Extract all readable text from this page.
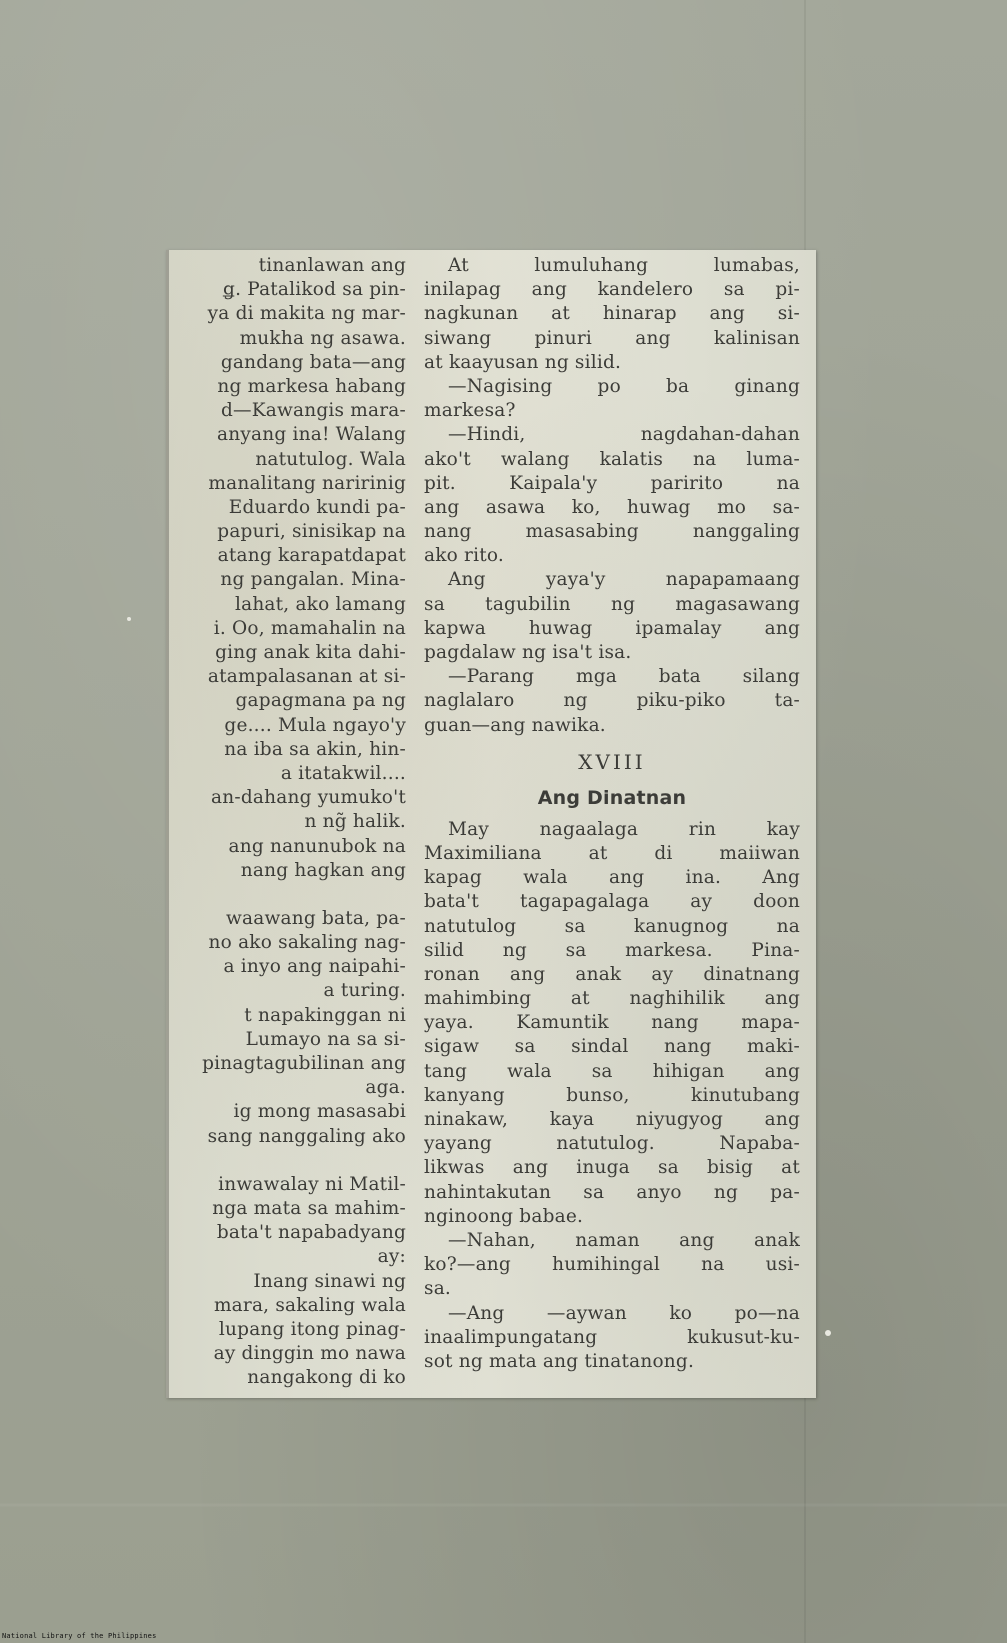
tinanlawan ang
ǥ. Patalikod sa pin-
ya di makita ng mar-
mukha ng asawa.
gandang bata—ang
ng markesa habang
d—Kawangis mara-
anyang ina! Walang
natutulog. Wala
manalitang naririnig
Eduardo kundi pa-
papuri, sinisikap na
atang karapatdapat
ng pangalan. Mina-
lahat, ako lamang
i. Oo, mamahalin na
ging anak kita dahi-
atampalasanan at si-
gapagmana pa ng
ge.... Mula ngayo'y
na iba sa akin, hin-
a itatakwil....
an-dahang yumuko't
n ng̃ halik.
ang nanunubok na
nang hagkan ang
waawang bata, pa-
no ako sakaling nag-
a inyo ang naipahi-
a turing.
t napakinggan ni
Lumayo na sa si-
pinagtagubilinan ang
aga.
ig mong masasabi
sang nanggaling ako
inwawalay ni Matil-
nga mata sa mahim-
bata't napabadyang
ay:
Inang sinawi ng
mara, sakaling wala
lupang itong pinag-
ay dinggin mo nawa
nangakong di ko
At lumuluhang lumabas,
inilapag ang kandelero sa pi-
nagkunan at hinarap ang si-
siwang pinuri ang kalinisan
at kaayusan ng silid.
—Nagising po ba ginang
markesa?
—Hindi, nagdahan-dahan
ako't walang kalatis na luma-
pit. Kaipala'y paririto na
ang asawa ko, huwag mo sa-
nang masasabing nanggaling
ako rito.
Ang yaya'y napapamaang
sa tagubilin ng magasawang
kapwa huwag ipamalay ang
pagdalaw ng isa't isa.
—Parang mga bata silang
naglalaro ng piku-piko ta-
guan—ang nawika.
XVIII
Ang Dinatnan
May nagaalaga rin kay
Maximiliana at di maiiwan
kapag wala ang ina. Ang
bata't tagapagalaga ay doon
natutulog sa kanugnog na
silid ng sa markesa. Pina-
ronan ang anak ay dinatnang
mahimbing at naghihilik ang
yaya. Kamuntik nang mapa-
sigaw sa sindal nang maki-
tang wala sa hihigan ang
kanyang bunso, kinutubang
ninakaw, kaya niyugyog ang
yayang natutulog. Napaba-
likwas ang inuga sa bisig at
nahintakutan sa anyo ng pa-
nginoong babae.
—Nahan, naman ang anak
ko?—ang humihingal na usi-
sa.
—Ang —aywan ko po—na
inaalimpungatang kukusut-ku-
sot ng mata ang tinatanong.
National Library of the Philippines
